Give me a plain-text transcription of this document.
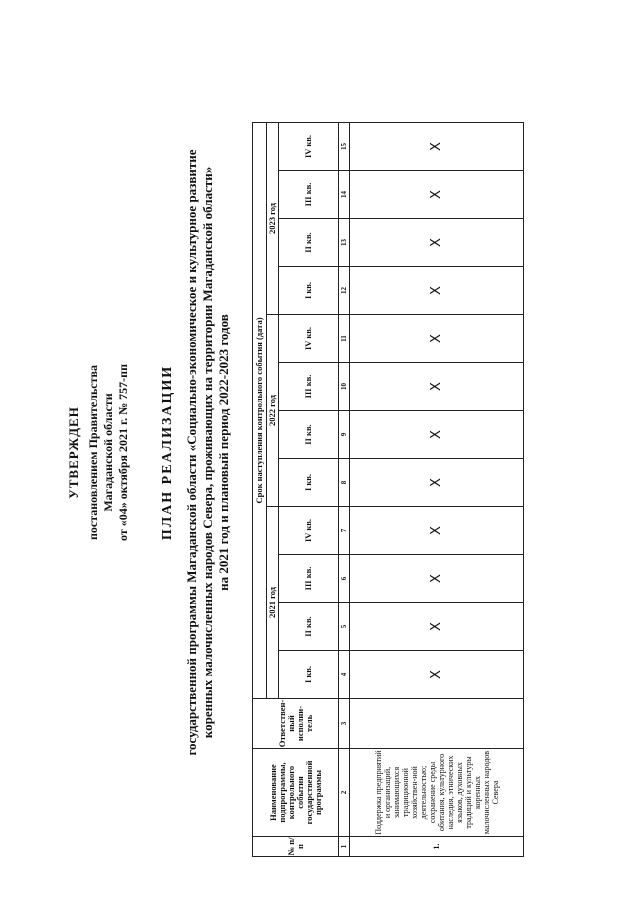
УТВЕРЖДЕН постановлением Правительства Магаданской области от «04» октября 2021 г. № 757-пп ПЛАН РЕАЛИЗАЦИИ государственной программы Магаданской области «Социально-экономическое и культурное развитие коренных малочисленных народов Севера, проживающих на территории Магаданской области» на 2021 год и плановый период 2022-2023 годов
№ п/п	Наименование подпрограммы, контрольного события государственной программы	Ответствен-ный исполни-тель	Срок наступления контрольного события (дата)											
			2021 год				2022 год				2023 год			
			I кв.	II кв.	III кв.	IV кв.	I кв.	II кв.	III кв.	IV кв.	I кв.	II кв.	III кв.	IV кв.
1	2	3	4	5	6	7	8	9	10	11	12	13	14	15
1.	Поддержка предприятий и организаций, занимающихся традиционной хозяйствен-ной деятельностью; сохранение среды обитания, культурного наследия, этнических языков, духовных традиций и культуры коренных малочисленных народов Севера		X	X	X	X	X	X	X	X	X	X	X	X
